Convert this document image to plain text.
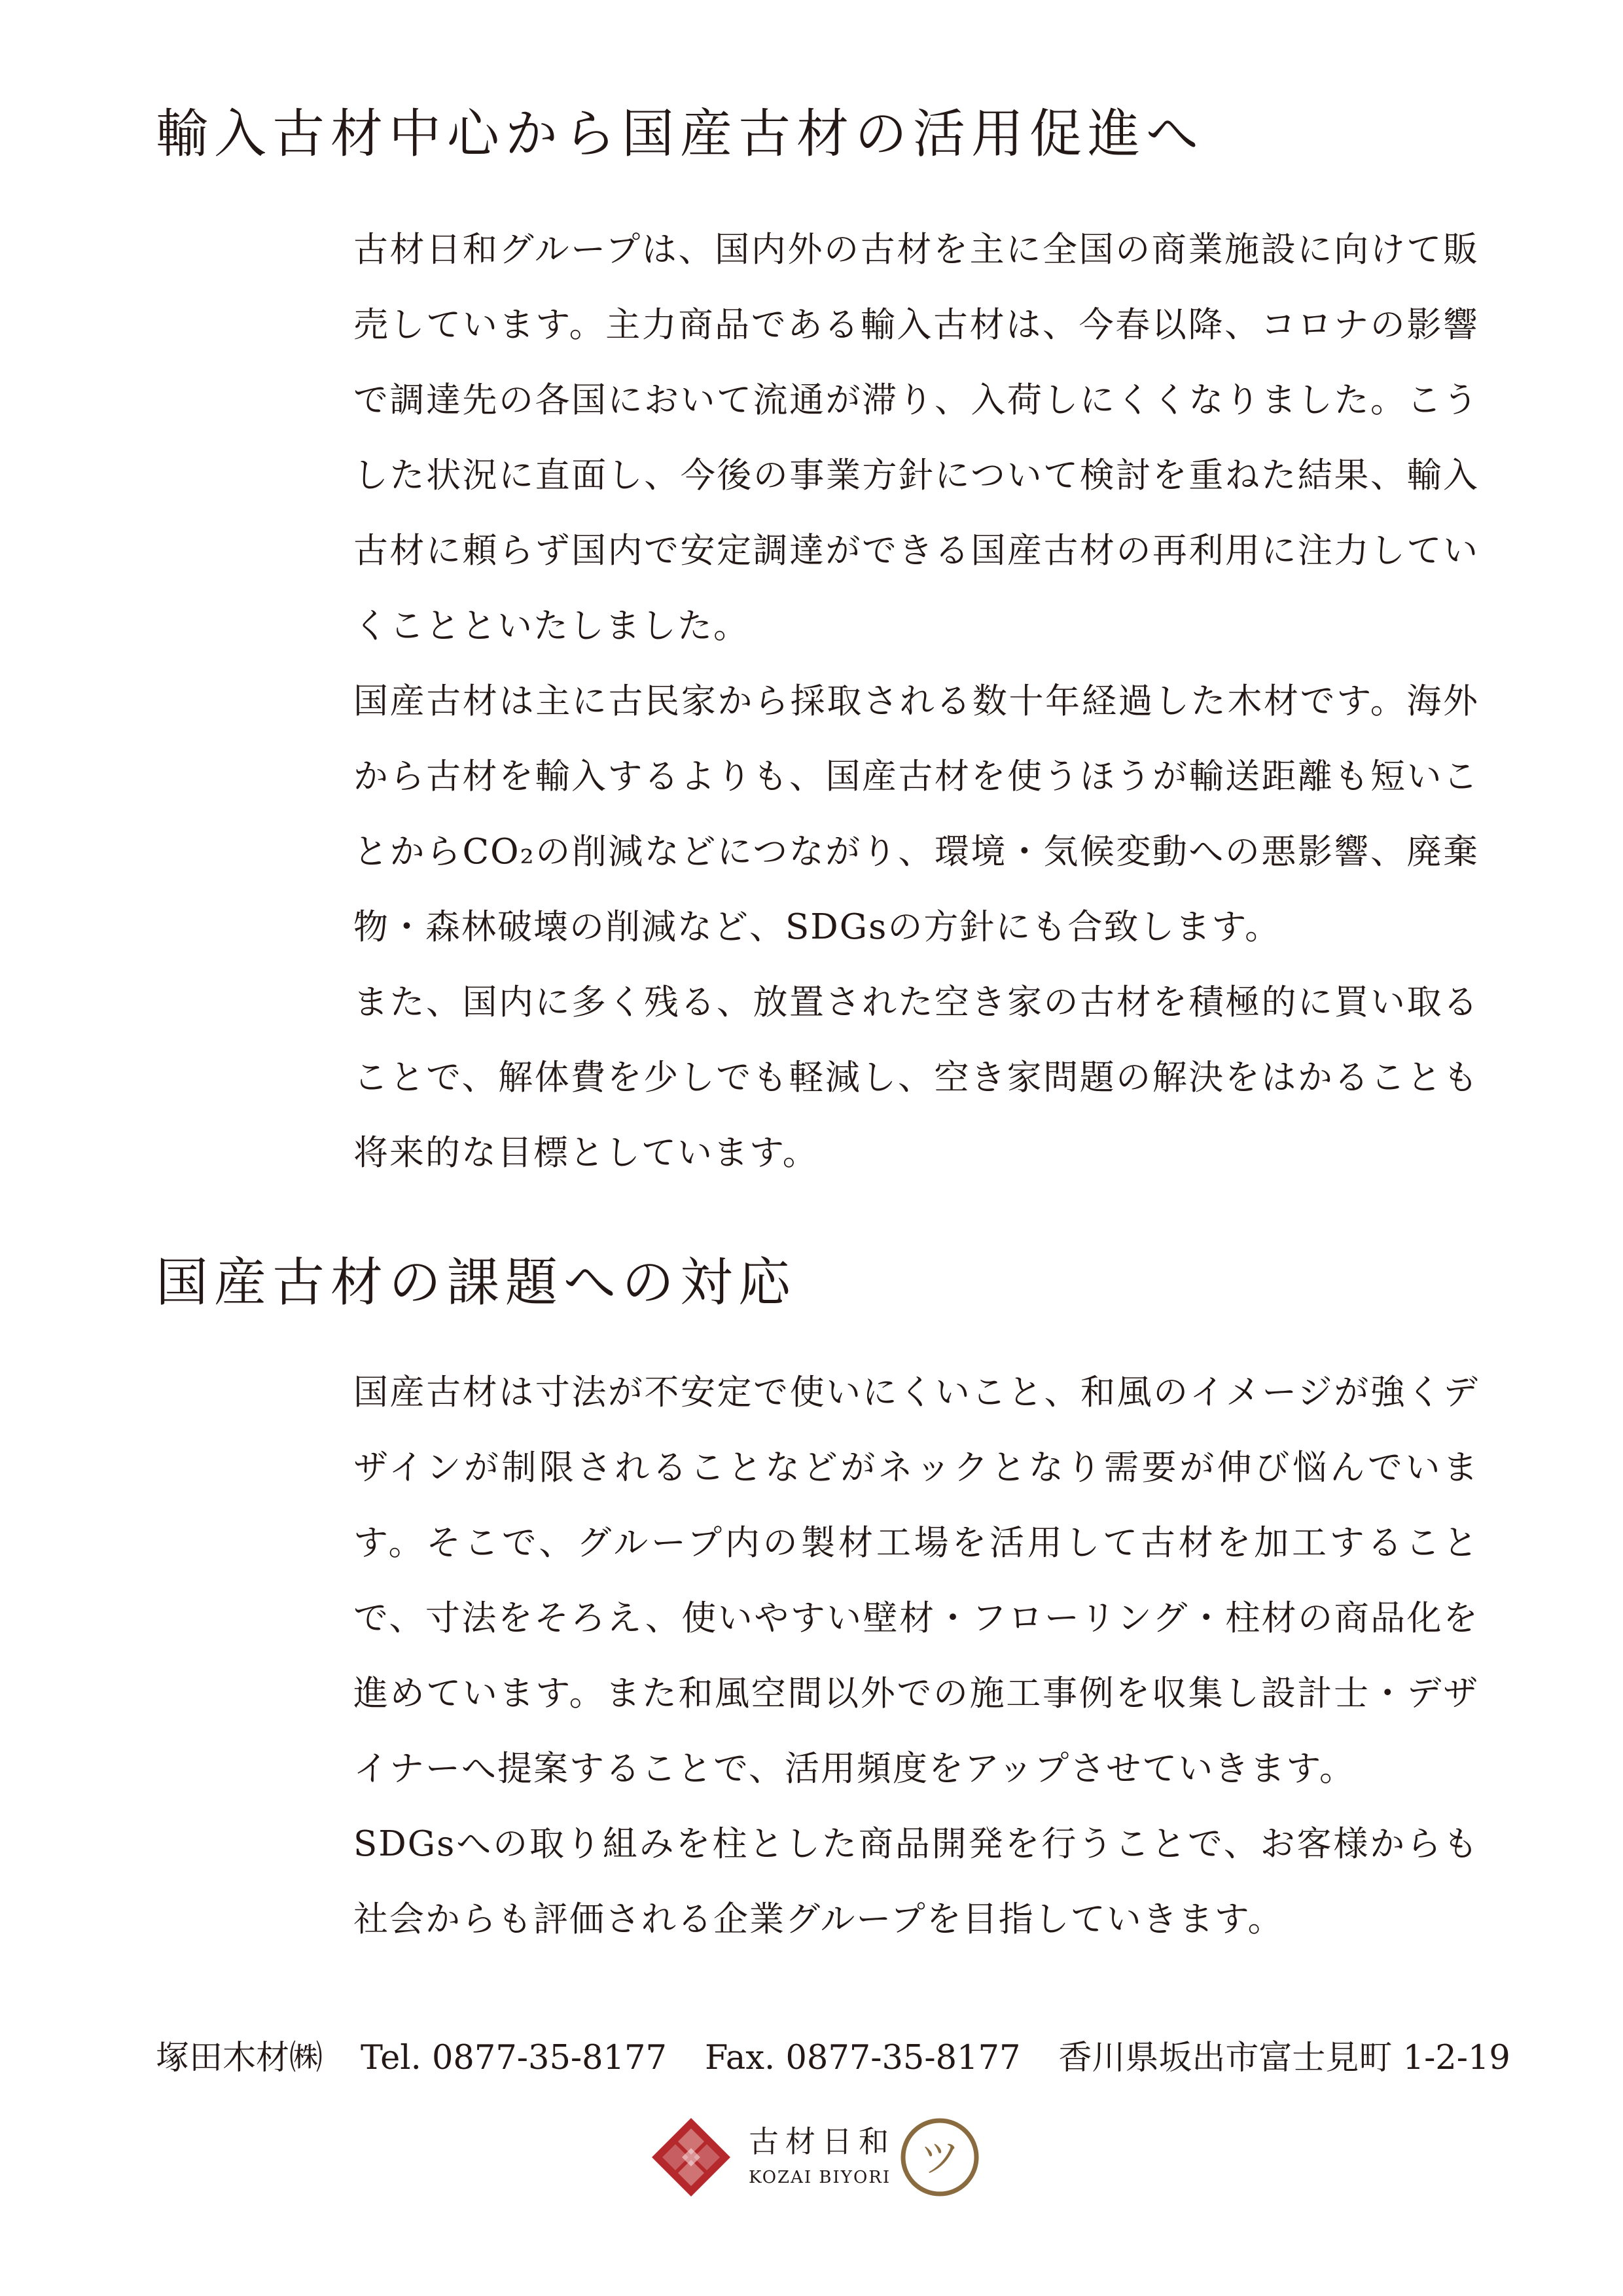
輸入古材中心から国産古材の活用促進へ

古材日和グループは、国内外の古材を主に全国の商業施設に向けて販売しています。主力商品である輸入古材は、今春以降、コロナの影響で調達先の各国において流通が滞り、入荷しにくくなりました。こうした状況に直面し、今後の事業方針について検討を重ねた結果、輸入古材に頼らず国内で安定調達ができる国産古材の再利用に注力していくことといたしました。

国産古材は主に古民家から採取される数十年経過した木材です。海外から古材を輸入するよりも、国産古材を使うほうが輸送距離も短いことからCO₂の削減などにつながり、環境・気候変動への悪影響、廃棄物・森林破壊の削減など、SDGsの方針にも合致します。

また、国内に多く残る、放置された空き家の古材を積極的に買い取ることで、解体費を少しでも軽減し、空き家問題の解決をはかることも将来的な目標としています。

国産古材の課題への対応

国産古材は寸法が不安定で使いにくいこと、和風のイメージが強くデザインが制限されることなどがネックとなり需要が伸び悩んでいます。そこで、グループ内の製材工場を活用して古材を加工することで、寸法をそろえ、使いやすい壁材・フローリング・柱材の商品化を進めています。また和風空間以外での施工事例を収集し設計士・デザイナーへ提案することで、活用頻度をアップさせていきます。

SDGsへの取り組みを柱とした商品開発を行うことで、お客様からも社会からも評価される企業グループを目指していきます。

塚田木材㈱ Tel. 0877-35-8177 Fax. 0877-35-8177 香川県坂出市富士見町 1-2-19
古材日和
KOZAI BIYORI ツ
